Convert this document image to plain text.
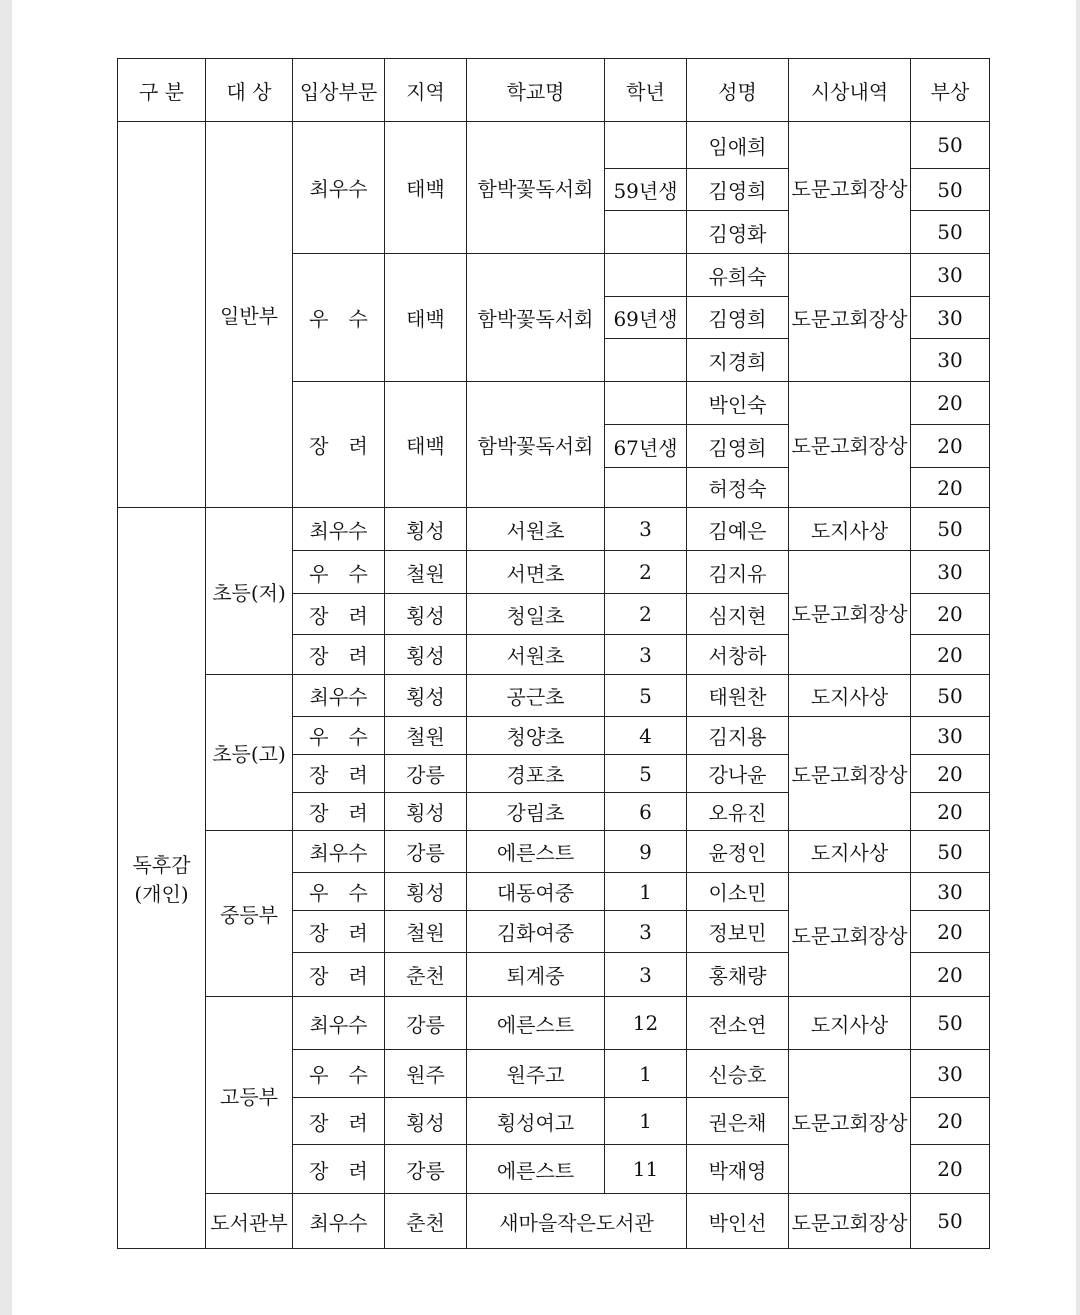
구 분	대 상	입상부문	지역	학교명	학년	성명	시상내역	부상
	일반부	최우수	태백	함박꽃독서회		임애희	도문고회장상	50
					59년생	김영희		50
						김영화		50
		우　수	태백	함박꽃독서회		유희숙	도문고회장상	30
					69년생	김영희		30
						지경희		30
		장　려	태백	함박꽃독서회		박인숙	도문고회장상	20
					67년생	김영희		20
						허정숙		20

독후감
(개인)	초등(저)	최우수	횡성	서원초	3	김예은	도지사상	50
		우　수	철원	서면초	2	김지유	도문고회장상	30
		장　려	횡성	청일초	2	심지현		20
		장　려	횡성	서원초	3	서창하		20
	초등(고)	최우수	횡성	공근초	5	태원찬	도지사상	50
		우　수	철원	청양초	4	김지용	도문고회장상	30
		장　려	강릉	경포초	5	강나윤		20
		장　려	횡성	강림초	6	오유진		20
	중등부	최우수	강릉	에른스트	9	윤정인	도지사상	50
		우　수	횡성	대동여중	1	이소민	도문고회장상	30
		장　려	철원	김화여중	3	정보민		20
		장　려	춘천	퇴계중	3	홍채량		20
	고등부	최우수	강릉	에른스트	12	전소연	도지사상	50
		우　수	원주	원주고	1	신승호	도문고회장상	30
		장　려	횡성	횡성여고	1	권은채		20
		장　려	강릉	에른스트	11	박재영		20
	도서관부	최우수	춘천	새마을작은도서관		박인선	도문고회장상	50
